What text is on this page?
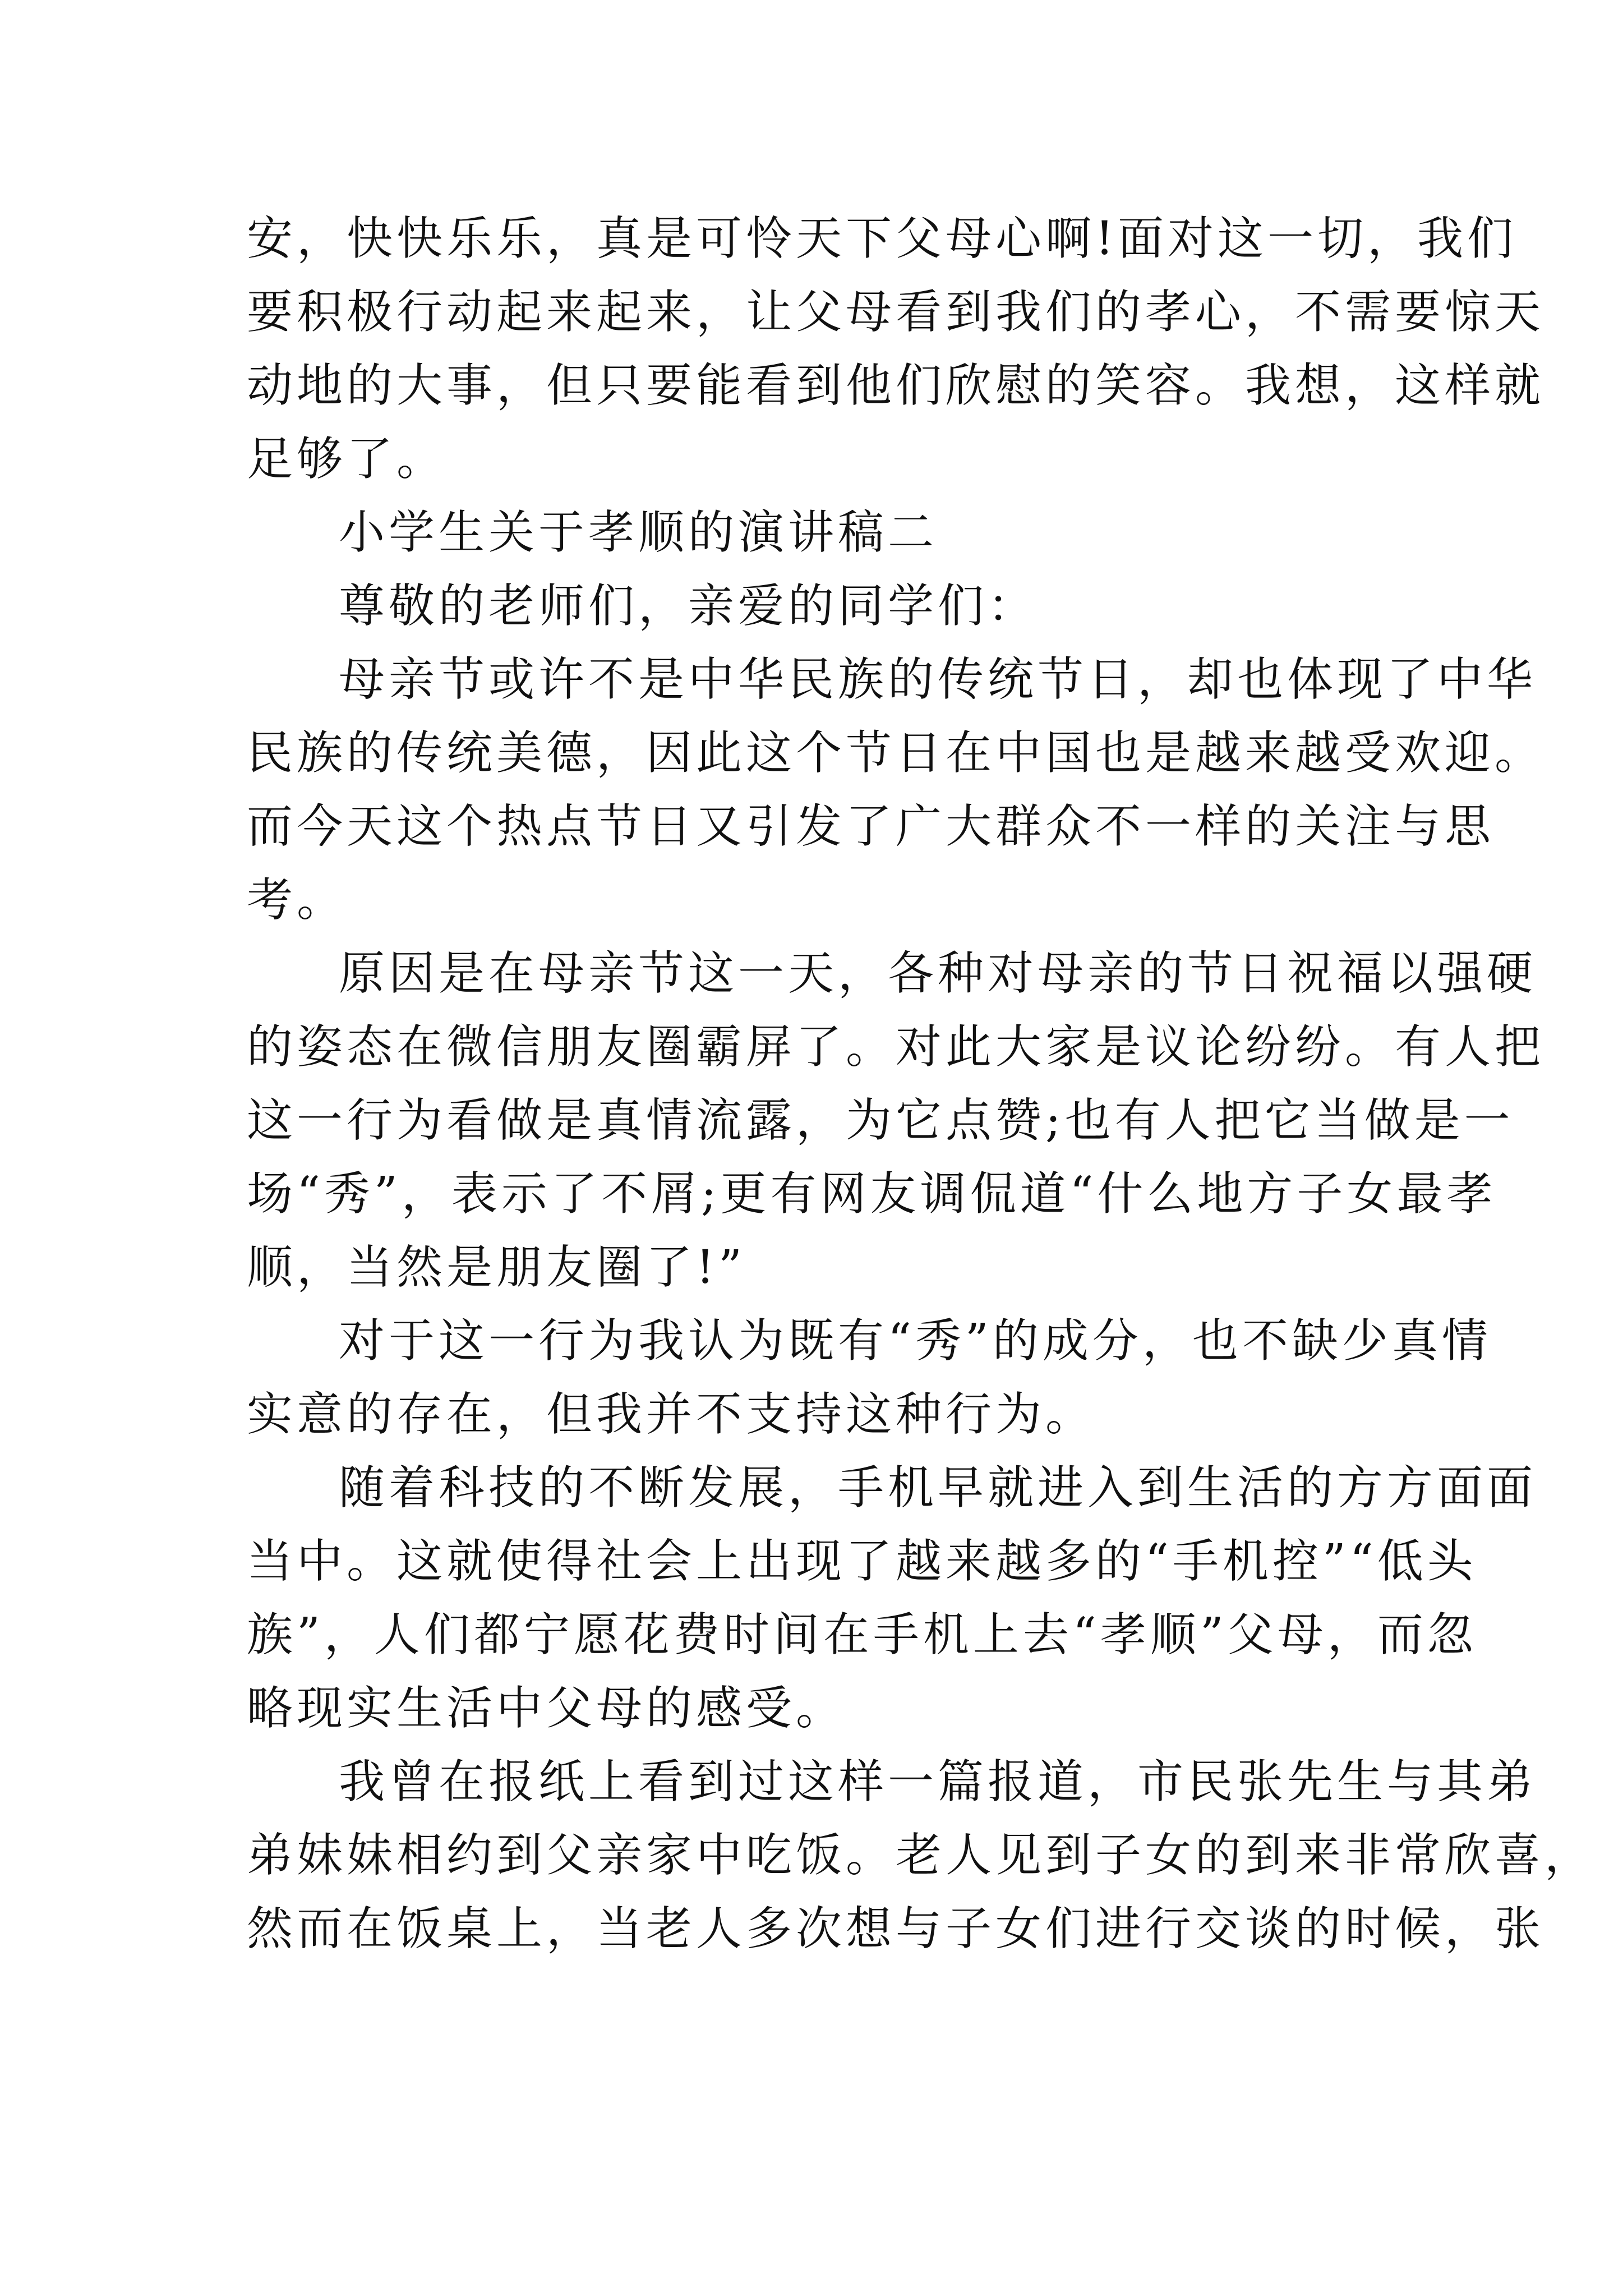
安，快快乐乐，真是可怜天下父母心啊!面对这一切，我们
要积极行动起来起来，让父母看到我们的孝心，不需要惊天
动地的大事，但只要能看到他们欣慰的笑容。我想，这样就
足够了。
小学生关于孝顺的演讲稿二
尊敬的老师们，亲爱的同学们：
母亲节或许不是中华民族的传统节日，却也体现了中华
民族的传统美德，因此这个节日在中国也是越来越受欢迎。
而今天这个热点节日又引发了广大群众不一样的关注与思
考。
原因是在母亲节这一天，各种对母亲的节日祝福以强硬
的姿态在微信朋友圈霸屏了。对此大家是议论纷纷。有人把
这一行为看做是真情流露，为它点赞;也有人把它当做是一
场“秀”，表示了不屑;更有网友调侃道“什么地方子女最孝
顺，当然是朋友圈了!”
对于这一行为我认为既有“秀”的成分，也不缺少真情
实意的存在，但我并不支持这种行为。
随着科技的不断发展，手机早就进入到生活的方方面面
当中。这就使得社会上出现了越来越多的“手机控”“低头
族”，人们都宁愿花费时间在手机上去“孝顺”父母，而忽
略现实生活中父母的感受。
我曾在报纸上看到过这样一篇报道，市民张先生与其弟
弟妹妹相约到父亲家中吃饭。老人见到子女的到来非常欣喜，
然而在饭桌上，当老人多次想与子女们进行交谈的时候，张
